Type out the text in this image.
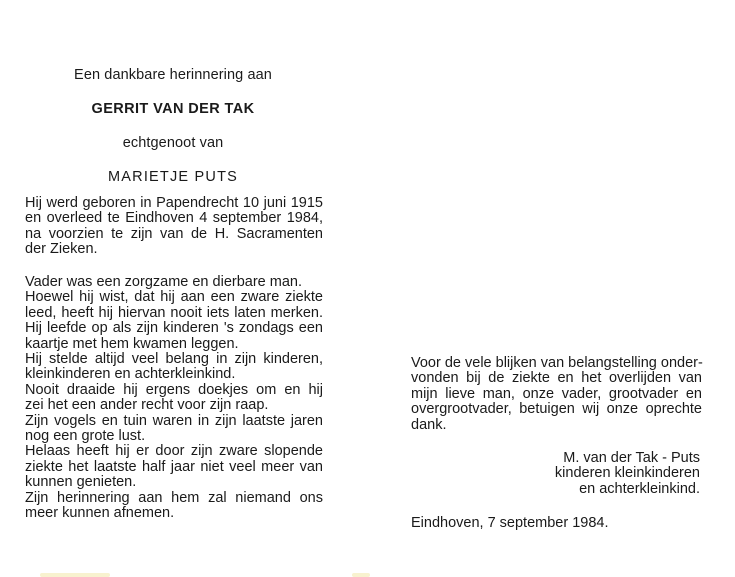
Een dankbare herinnering aan
GERRIT VAN DER TAK
echtgenoot van
MARIETJE PUTS
Hij werd geboren in Papendrecht 10 juni 1915
en overleed te Eindhoven 4 september 1984,
na voorzien te zijn van de H. Sacramenten
der Zieken.
Vader was een zorgzame en dierbare man.
Hoewel hij wist, dat hij aan een zware ziekte
leed, heeft hij hiervan nooit iets laten merken.
Hij leefde op als zijn kinderen 's zondags een
kaartje met hem kwamen leggen.
Hij stelde altijd veel belang in zijn kinderen,
kleinkinderen en achterkleinkind.
Nooit draaide hij ergens doekjes om en hij
zei het een ander recht voor zijn raap.
Zijn vogels en tuin waren in zijn laatste jaren
nog een grote lust.
Helaas heeft hij er door zijn zware slopende
ziekte het laatste half jaar niet veel meer van
kunnen genieten.
Zijn herinnering aan hem zal niemand ons
meer kunnen afnemen.
Voor de vele blijken van belangstelling onder-
vonden bij de ziekte en het overlijden van
mijn lieve man, onze vader, grootvader en
overgrootvader, betuigen wij onze oprechte
dank.
M. van der Tak - Puts
kinderen kleinkinderen
en achterkleinkind.
Eindhoven, 7 september 1984.
